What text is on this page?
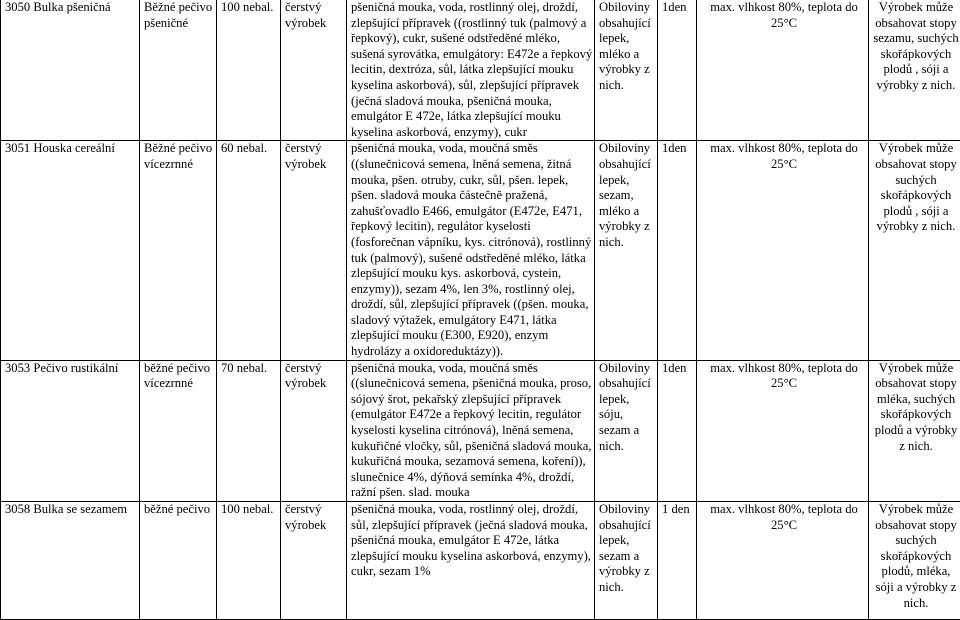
3050 Bulka pšeničná	Běžné pečivo pšeničné	100 nebal.	čerstvý výrobek	pšeničná mouka, voda, rostlinný olej, droždí, zlepšující přípravek ((rostlinný tuk (palmový a řepkový), cukr, sušené odstředěné mléko, sušená syrovátka, emulgátory: E472e a řepkový lecitin, dextróza, sůl, látka zlepšující mouku kyselina askorbová), sůl, zlepšující přípravek (ječná sladová mouka, pšeničná mouka, emulgátor E 472e, látka zlepšující mouku kyselina askorbová, enzymy), cukr	Obiloviny obsahující lepek, mléko a výrobky z nich.	1den	max. vlhkost 80%, teplota do 25°C	Výrobek může obsahovat stopy sezamu, suchých skořápkových plodů , sóji a výrobky z nich.
3051 Houska cereální	Běžné pečivo vícezrnné	60 nebal.	čerstvý výrobek	pšeničná mouka, voda, moučná směs ((slunečnicová semena, lněná semena, žitná mouka, pšen. otruby, cukr, sůl, pšen. lepek, pšen. sladová mouka částečně pražená, zahušťovadlo E466, emulgátor (E472e, E471, řepkový lecitin), regulátor kyselosti (fosforečnan vápníku, kys. citrónová), rostlinný tuk (palmový), sušené odstředěné mléko, látka zlepšující mouku kys. askorbová, cystein, enzymy)), sezam 4%, len 3%, rostlinný olej, droždí, sůl, zlepšující přípravek ((pšen. mouka, sladový výtažek, emulgátory E471, látka zlepšující mouku (E300, E920), enzym hydrolázy a oxidoreduktázy)).	Obiloviny obsahující lepek, sezam, mléko a výrobky z nich.	1den	max. vlhkost 80%, teplota do 25°C	Výrobek může obsahovat stopy suchých skořápkových plodů , sóji a výrobky z nich.
3053 Pečivo rustikální	běžné pečivo vícezrnné	70 nebal.	čerstvý výrobek	pšeničná mouka, voda, moučná směs ((slunečnicová semena, pšeničná mouka, proso, sójový šrot, pekařský zlepšující přípravek (emulgátor E472e a řepkový lecitin, regulátor kyselosti kyselina citrónová), lněná semena, kukuřičné vločky, sůl, pšeničná sladová mouka, kukuřičná mouka, sezamová semena, koření)), slunečnice 4%, dýňová semínka 4%, droždí, ražní pšen. slad. mouka	Obiloviny obsahující lepek, sóju, sezam a nich.	1den	max. vlhkost 80%, teplota do 25°C	Výrobek může obsahovat stopy mléka, suchých skořápkových plodů a výrobky z nich.
3058 Bulka se sezamem	běžné pečivo	100 nebal.	čerstvý výrobek	pšeničná mouka, voda, rostlinný olej, droždí, sůl, zlepšující přípravek (ječná sladová mouka, pšeničná mouka, emulgátor E 472e, látka zlepšující mouku kyselina askorbová, enzymy), cukr, sezam 1%	Obiloviny obsahující lepek, sezam a výrobky z nich.	1 den	max. vlhkost 80%, teplota do 25°C	Výrobek může obsahovat stopy suchých skořápkových plodů, mléka, sóji a výrobky z nich.
